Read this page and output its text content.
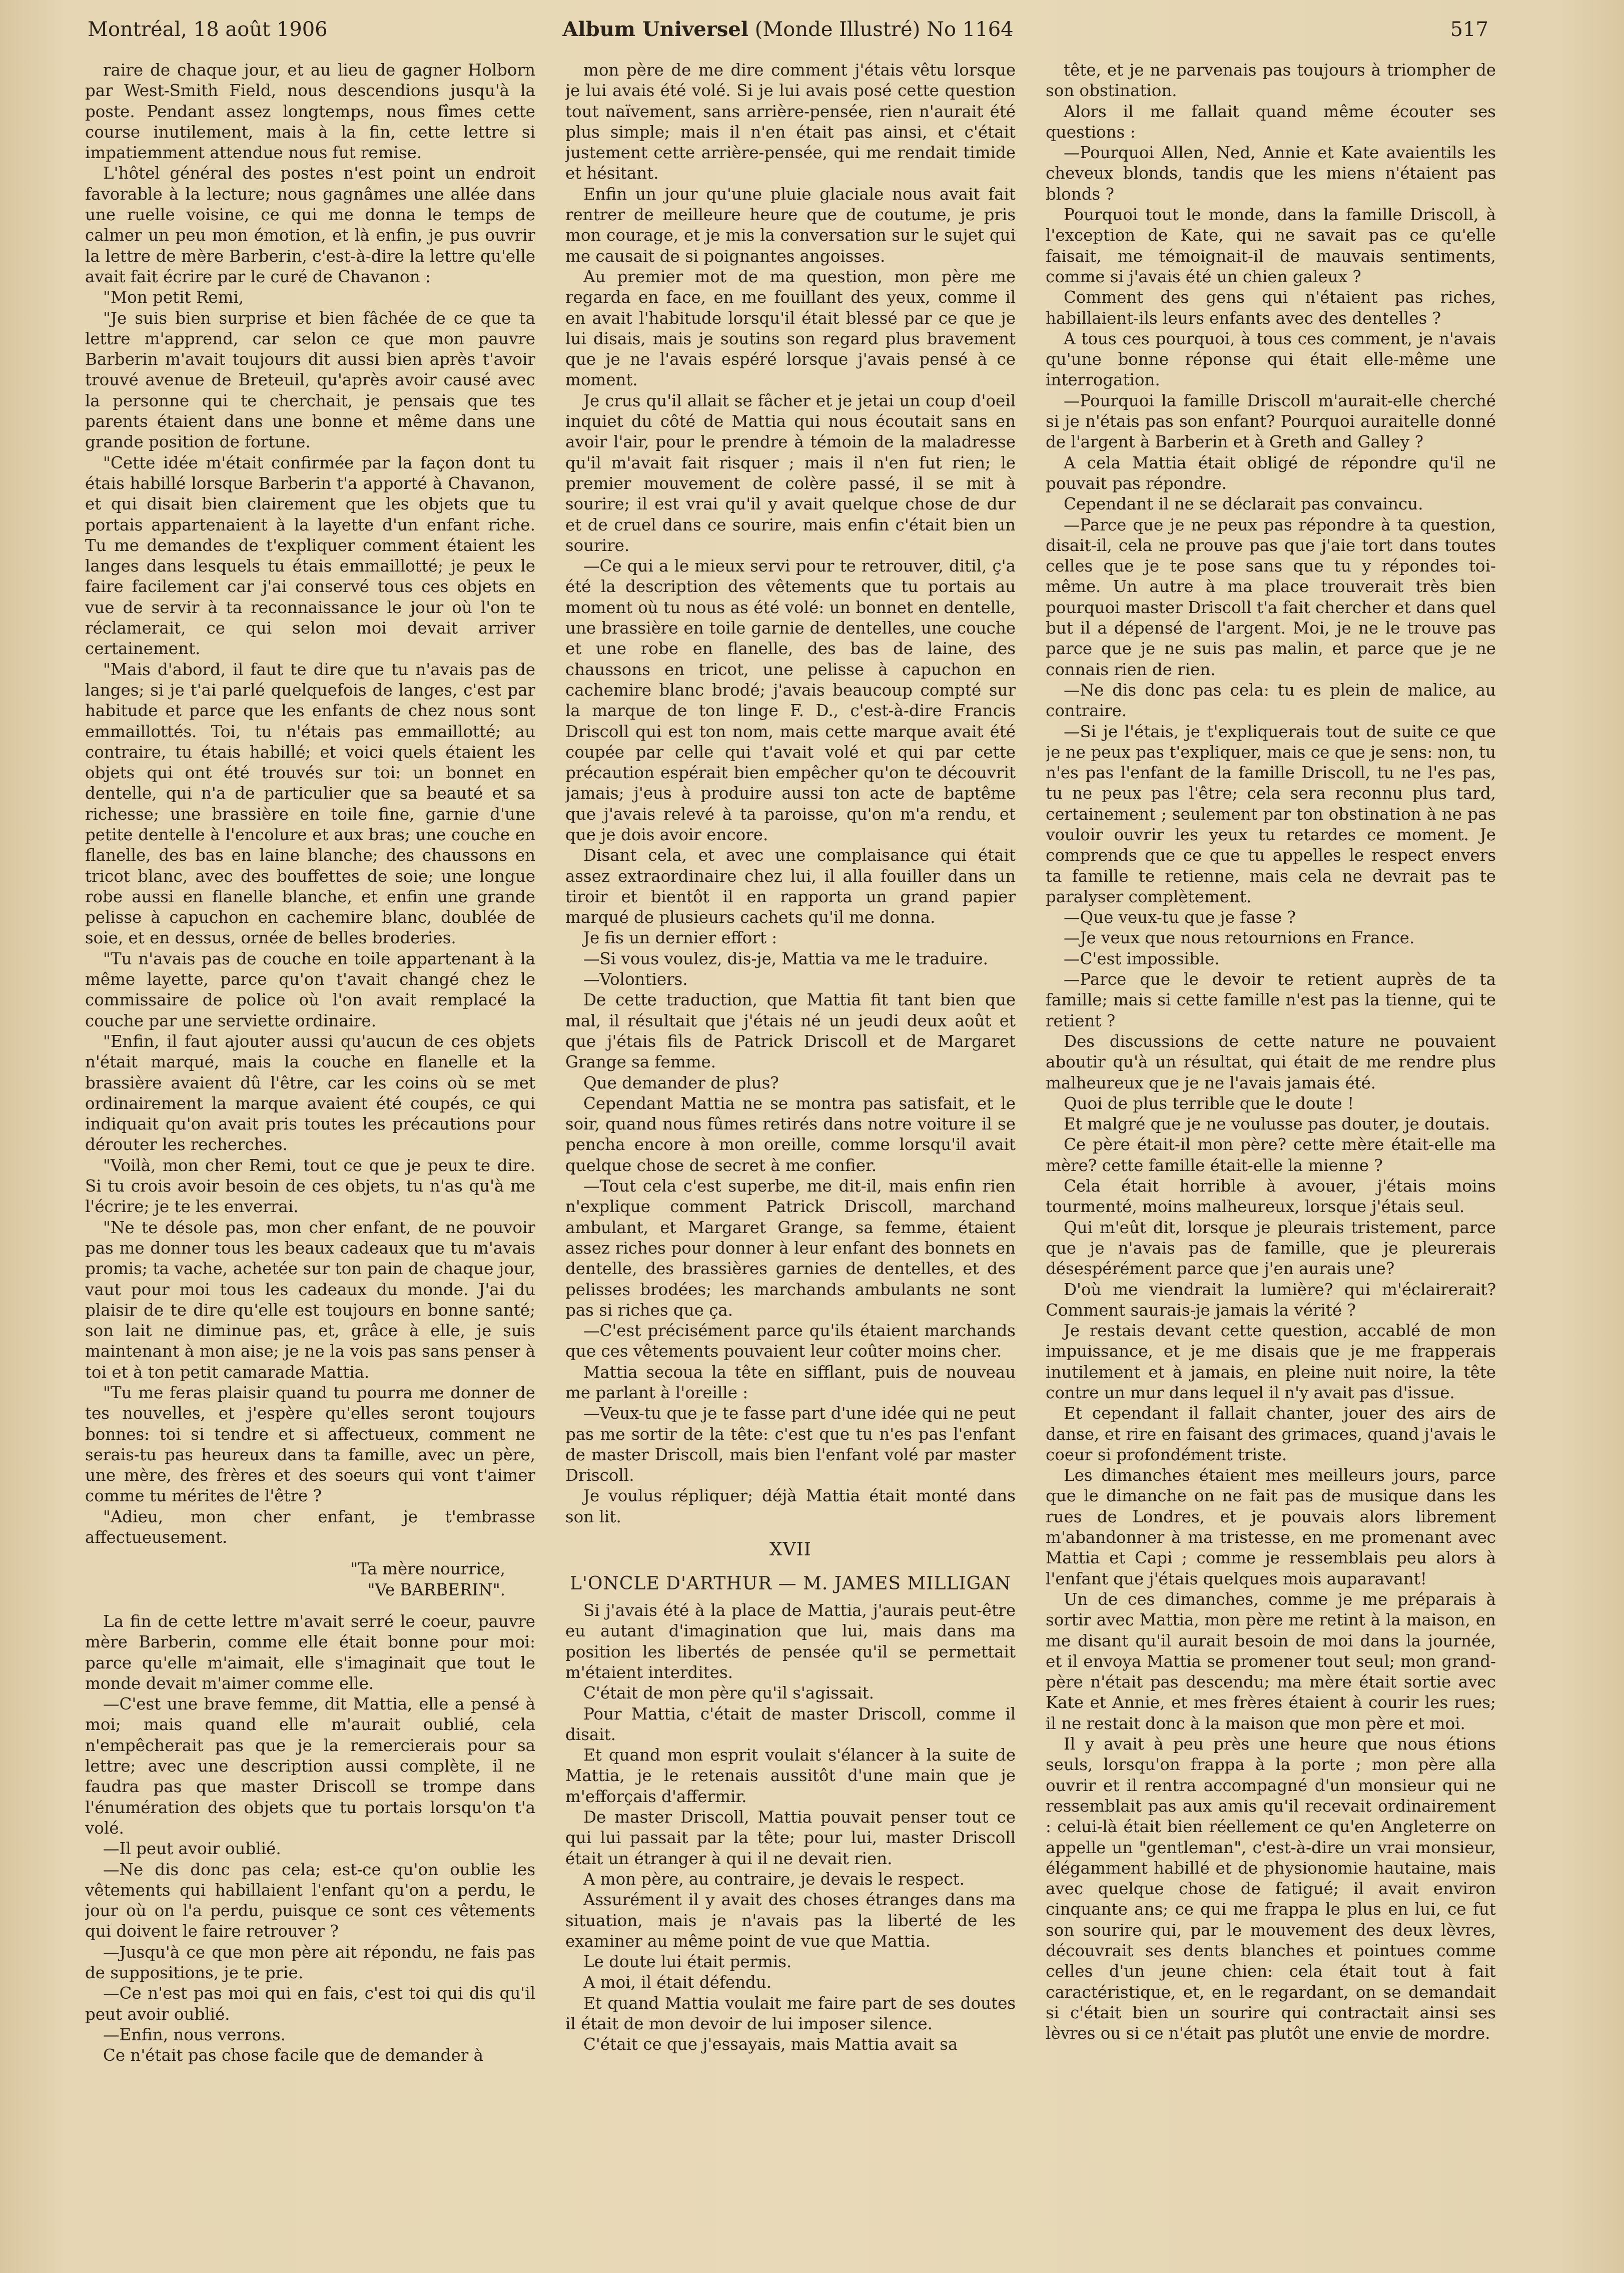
Montréal, 18 août 1906	Album Universel (Monde Illustré) No 1164	517

raire de chaque jour, et au lieu de gagner Holborn par West-Smith Field, nous descendions jusqu'à la poste. Pendant assez longtemps, nous fîmes cette course inutilement, mais à la fin, cette lettre si impatiemment attendue nous fut remise.

L'hôtel général des postes n'est point un endroit favorable à la lecture; nous gagnâmes une allée dans une ruelle voisine, ce qui me donna le temps de calmer un peu mon émotion, et là enfin, je pus ouvrir la lettre de mère Barberin, c'est-à-dire la lettre qu'elle avait fait écrire par le curé de Chavanon :

"Mon petit Remi,

"Je suis bien surprise et bien fâchée de ce que ta lettre m'apprend, car selon ce que mon pauvre Barberin m'avait toujours dit aussi bien après t'avoir trouvé avenue de Breteuil, qu'après avoir causé avec la personne qui te cherchait, je pensais que tes parents étaient dans une bonne et même dans une grande position de fortune.

"Cette idée m'était confirmée par la façon dont tu étais habillé lorsque Barberin t'a apporté à Chavanon, et qui disait bien clairement que les objets que tu portais appartenaient à la layette d'un enfant riche. Tu me demandes de t'expliquer comment étaient les langes dans lesquels tu étais emmaillotté; je peux le faire facilement car j'ai conservé tous ces objets en vue de servir à ta reconnaissance le jour où l'on te réclamerait, ce qui selon moi devait arriver certainement.

"Mais d'abord, il faut te dire que tu n'avais pas de langes; si je t'ai parlé quelquefois de langes, c'est par habitude et parce que les enfants de chez nous sont emmaillottés. Toi, tu n'étais pas emmaillotté; au contraire, tu étais habillé; et voici quels étaient les objets qui ont été trouvés sur toi: un bonnet en dentelle, qui n'a de particulier que sa beauté et sa richesse; une brassière en toile fine, garnie d'une petite dentelle à l'encolure et aux bras; une couche en flanelle, des bas en laine blanche; des chaussons en tricot blanc, avec des bouffettes de soie; une longue robe aussi en flanelle blanche, et enfin une grande pelisse à capuchon en cachemire blanc, doublée de soie, et en dessus, ornée de belles broderies.

"Tu n'avais pas de couche en toile appartenant à la même layette, parce qu'on t'avait changé chez le commissaire de police où l'on avait remplacé la couche par une serviette ordinaire.

"Enfin, il faut ajouter aussi qu'aucun de ces objets n'était marqué, mais la couche en flanelle et la brassière avaient dû l'être, car les coins où se met ordinairement la marque avaient été coupés, ce qui indiquait qu'on avait pris toutes les précautions pour dérouter les recherches.

"Voilà, mon cher Remi, tout ce que je peux te dire. Si tu crois avoir besoin de ces objets, tu n'as qu'à me l'écrire; je te les enverrai.

"Ne te désole pas, mon cher enfant, de ne pouvoir pas me donner tous les beaux cadeaux que tu m'avais promis; ta vache, achetée sur ton pain de chaque jour, vaut pour moi tous les cadeaux du monde. J'ai du plaisir de te dire qu'elle est toujours en bonne santé; son lait ne diminue pas, et, grâce à elle, je suis maintenant à mon aise; je ne la vois pas sans penser à toi et à ton petit camarade Mattia.

"Tu me feras plaisir quand tu pourra me donner de tes nouvelles, et j'espère qu'elles seront toujours bonnes: toi si tendre et si affectueux, comment ne serais-tu pas heureux dans ta famille, avec un père, une mère, des frères et des soeurs qui vont t'aimer comme tu mérites de l'être ?

"Adieu, mon cher enfant, je t'embrasse affectueusement.

"Ta mère nourrice,

"Ve BARBERIN".

La fin de cette lettre m'avait serré le coeur, pauvre mère Barberin, comme elle était bonne pour moi: parce qu'elle m'aimait, elle s'imaginait que tout le monde devait m'aimer comme elle.

—C'est une brave femme, dit Mattia, elle a pensé à moi; mais quand elle m'aurait oublié, cela n'empêcherait pas que je la remercierais pour sa lettre; avec une description aussi complète, il ne faudra pas que master Driscoll se trompe dans l'énumération des objets que tu portais lorsqu'on t'a volé.

—Il peut avoir oublié.

—Ne dis donc pas cela; est-ce qu'on oublie les vêtements qui habillaient l'enfant qu'on a perdu, le jour où on l'a perdu, puisque ce sont ces vêtements qui doivent le faire retrouver ?

—Jusqu'à ce que mon père ait répondu, ne fais pas de suppositions, je te prie.

—Ce n'est pas moi qui en fais, c'est toi qui dis qu'il peut avoir oublié.

—Enfin, nous verrons.

Ce n'était pas chose facile que de demander à

mon père de me dire comment j'étais vêtu lorsque je lui avais été volé. Si je lui avais posé cette question tout naïvement, sans arrière-pensée, rien n'aurait été plus simple; mais il n'en était pas ainsi, et c'était justement cette arrière-pensée, qui me rendait timide et hésitant.

Enfin un jour qu'une pluie glaciale nous avait fait rentrer de meilleure heure que de coutume, je pris mon courage, et je mis la conversation sur le sujet qui me causait de si poignantes angoisses.

Au premier mot de ma question, mon père me regarda en face, en me fouillant des yeux, comme il en avait l'habitude lorsqu'il était blessé par ce que je lui disais, mais je soutins son regard plus bravement que je ne l'avais espéré lorsque j'avais pensé à ce moment.

Je crus qu'il allait se fâcher et je jetai un coup d'oeil inquiet du côté de Mattia qui nous écoutait sans en avoir l'air, pour le prendre à témoin de la maladresse qu'il m'avait fait risquer ; mais il n'en fut rien; le premier mouvement de colère passé, il se mit à sourire; il est vrai qu'il y avait quelque chose de dur et de cruel dans ce sourire, mais enfin c'était bien un sourire.

—Ce qui a le mieux servi pour te retrouver, ditil, ç'a été la description des vêtements que tu portais au moment où tu nous as été volé: un bonnet en dentelle, une brassière en toile garnie de dentelles, une couche et une robe en flanelle, des bas de laine, des chaussons en tricot, une pelisse à capuchon en cachemire blanc brodé; j'avais beaucoup compté sur la marque de ton linge F. D., c'est-à-dire Francis Driscoll qui est ton nom, mais cette marque avait été coupée par celle qui t'avait volé et qui par cette précaution espérait bien empêcher qu'on te découvrit jamais; j'eus à produire aussi ton acte de baptême que j'avais relevé à ta paroisse, qu'on m'a rendu, et que je dois avoir encore.

Disant cela, et avec une complaisance qui était assez extraordinaire chez lui, il alla fouiller dans un tiroir et bientôt il en rapporta un grand papier marqué de plusieurs cachets qu'il me donna.

Je fis un dernier effort :

—Si vous voulez, dis-je, Mattia va me le traduire.

—Volontiers.

De cette traduction, que Mattia fit tant bien que mal, il résultait que j'étais né un jeudi deux août et que j'étais fils de Patrick Driscoll et de Margaret Grange sa femme.

Que demander de plus?

Cependant Mattia ne se montra pas satisfait, et le soir, quand nous fûmes retirés dans notre voiture il se pencha encore à mon oreille, comme lorsqu'il avait quelque chose de secret à me confier.

—Tout cela c'est superbe, me dit-il, mais enfin rien n'explique comment Patrick Driscoll, marchand ambulant, et Margaret Grange, sa femme, étaient assez riches pour donner à leur enfant des bonnets en dentelle, des brassières garnies de dentelles, et des pelisses brodées; les marchands ambulants ne sont pas si riches que ça.

—C'est précisément parce qu'ils étaient marchands que ces vêtements pouvaient leur coûter moins cher.

Mattia secoua la tête en sifflant, puis de nouveau me parlant à l'oreille :

—Veux-tu que je te fasse part d'une idée qui ne peut pas me sortir de la tête: c'est que tu n'es pas l'enfant de master Driscoll, mais bien l'enfant volé par master Driscoll.

Je voulus répliquer; déjà Mattia était monté dans son lit.

XVII
L'ONCLE D'ARTHUR — M. JAMES MILLIGAN

Si j'avais été à la place de Mattia, j'aurais peut-être eu autant d'imagination que lui, mais dans ma position les libertés de pensée qu'il se permettait m'étaient interdites.

C'était de mon père qu'il s'agissait.

Pour Mattia, c'était de master Driscoll, comme il disait.

Et quand mon esprit voulait s'élancer à la suite de Mattia, je le retenais aussitôt d'une main que je m'efforçais d'affermir.

De master Driscoll, Mattia pouvait penser tout ce qui lui passait par la tête; pour lui, master Driscoll était un étranger à qui il ne devait rien.

A mon père, au contraire, je devais le respect.

Assurément il y avait des choses étranges dans ma situation, mais je n'avais pas la liberté de les examiner au même point de vue que Mattia.

Le doute lui était permis.

A moi, il était défendu.

Et quand Mattia voulait me faire part de ses doutes il était de mon devoir de lui imposer silence.

C'était ce que j'essayais, mais Mattia avait sa

tête, et je ne parvenais pas toujours à triompher de son obstination.

Alors il me fallait quand même écouter ses questions :

—Pourquoi Allen, Ned, Annie et Kate avaientils les cheveux blonds, tandis que les miens n'étaient pas blonds ?

Pourquoi tout le monde, dans la famille Driscoll, à l'exception de Kate, qui ne savait pas ce qu'elle faisait, me témoignait-il de mauvais sentiments, comme si j'avais été un chien galeux ?

Comment des gens qui n'étaient pas riches, habillaient-ils leurs enfants avec des dentelles ?

A tous ces pourquoi, à tous ces comment, je n'avais qu'une bonne réponse qui était elle-même une interrogation.

—Pourquoi la famille Driscoll m'aurait-elle cherché si je n'étais pas son enfant? Pourquoi auraitelle donné de l'argent à Barberin et à Greth and Galley ?

A cela Mattia était obligé de répondre qu'il ne pouvait pas répondre.

Cependant il ne se déclarait pas convaincu.

—Parce que je ne peux pas répondre à ta question, disait-il, cela ne prouve pas que j'aie tort dans toutes celles que je te pose sans que tu y répondes toi-même. Un autre à ma place trouverait très bien pourquoi master Driscoll t'a fait chercher et dans quel but il a dépensé de l'argent. Moi, je ne le trouve pas parce que je ne suis pas malin, et parce que je ne connais rien de rien.

—Ne dis donc pas cela: tu es plein de malice, au contraire.

—Si je l'étais, je t'expliquerais tout de suite ce que je ne peux pas t'expliquer, mais ce que je sens: non, tu n'es pas l'enfant de la famille Driscoll, tu ne l'es pas, tu ne peux pas l'être; cela sera reconnu plus tard, certainement ; seulement par ton obstination à ne pas vouloir ouvrir les yeux tu retardes ce moment. Je comprends que ce que tu appelles le respect envers ta famille te retienne, mais cela ne devrait pas te paralyser complètement.

—Que veux-tu que je fasse ?

—Je veux que nous retournions en France.

—C'est impossible.

—Parce que le devoir te retient auprès de ta famille; mais si cette famille n'est pas la tienne, qui te retient ?

Des discussions de cette nature ne pouvaient aboutir qu'à un résultat, qui était de me rendre plus malheureux que je ne l'avais jamais été.

Quoi de plus terrible que le doute !

Et malgré que je ne voulusse pas douter, je doutais.

Ce père était-il mon père? cette mère était-elle ma mère? cette famille était-elle la mienne ?

Cela était horrible à avouer, j'étais moins tourmenté, moins malheureux, lorsque j'étais seul.

Qui m'eût dit, lorsque je pleurais tristement, parce que je n'avais pas de famille, que je pleurerais désespérément parce que j'en aurais une?

D'où me viendrait la lumière? qui m'éclairerait? Comment saurais-je jamais la vérité ?

Je restais devant cette question, accablé de mon impuissance, et je me disais que je me frapperais inutilement et à jamais, en pleine nuit noire, la tête contre un mur dans lequel il n'y avait pas d'issue.

Et cependant il fallait chanter, jouer des airs de danse, et rire en faisant des grimaces, quand j'avais le coeur si profondément triste.

Les dimanches étaient mes meilleurs jours, parce que le dimanche on ne fait pas de musique dans les rues de Londres, et je pouvais alors librement m'abandonner à ma tristesse, en me promenant avec Mattia et Capi ; comme je ressemblais peu alors à l'enfant que j'étais quelques mois auparavant!

Un de ces dimanches, comme je me préparais à sortir avec Mattia, mon père me retint à la maison, en me disant qu'il aurait besoin de moi dans la journée, et il envoya Mattia se promener tout seul; mon grand-père n'était pas descendu; ma mère était sortie avec Kate et Annie, et mes frères étaient à courir les rues; il ne restait donc à la maison que mon père et moi.

Il y avait à peu près une heure que nous étions seuls, lorsqu'on frappa à la porte ; mon père alla ouvrir et il rentra accompagné d'un monsieur qui ne ressemblait pas aux amis qu'il recevait ordinairement : celui-là était bien réellement ce qu'en Angleterre on appelle un "gentleman", c'est-à-dire un vrai monsieur, élégamment habillé et de physionomie hautaine, mais avec quelque chose de fatigué; il avait environ cinquante ans; ce qui me frappa le plus en lui, ce fut son sourire qui, par le mouvement des deux lèvres, découvrait ses dents blanches et pointues comme celles d'un jeune chien: cela était tout à fait caractéristique, et, en le regardant, on se demandait si c'était bien un sourire qui contractait ainsi ses lèvres ou si ce n'était pas plutôt une envie de mordre.
